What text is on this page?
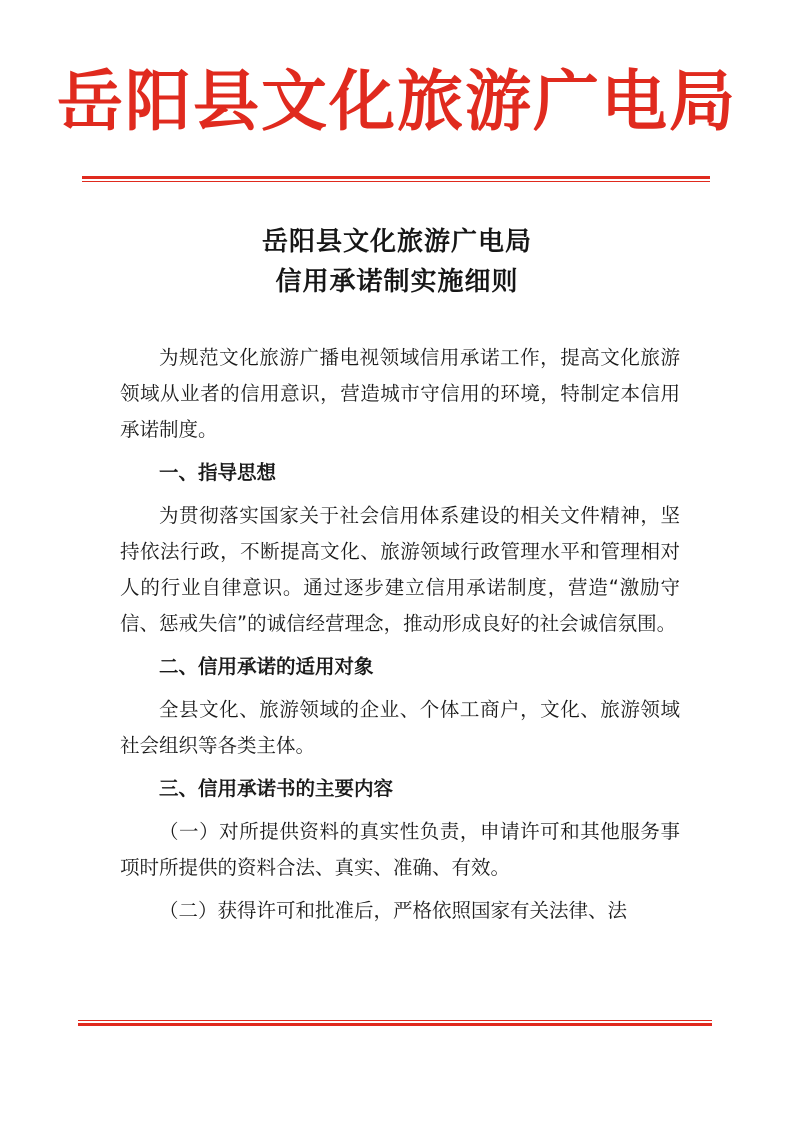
岳阳县文化旅游广电局
岳阳县文化旅游广电局
信用承诺制实施细则

为规范文化旅游广播电视领域信用承诺工作，提高文化旅游领域从业者的信用意识，营造城市守信用的环境，特制定本信用承诺制度。

一、指导思想

为贯彻落实国家关于社会信用体系建设的相关文件精神，坚持依法行政，不断提高文化、旅游领域行政管理水平和管理相对人的行业自律意识。通过逐步建立信用承诺制度，营造“激励守信、惩戒失信”的诚信经营理念，推动形成良好的社会诚信氛围。

二、信用承诺的适用对象

全县文化、旅游领域的企业、个体工商户，文化、旅游领域社会组织等各类主体。

三、信用承诺书的主要内容

（一）对所提供资料的真实性负责，申请许可和其他服务事项时所提供的资料合法、真实、准确、有效。

（二）获得许可和批准后，严格依照国家有关法律、法
